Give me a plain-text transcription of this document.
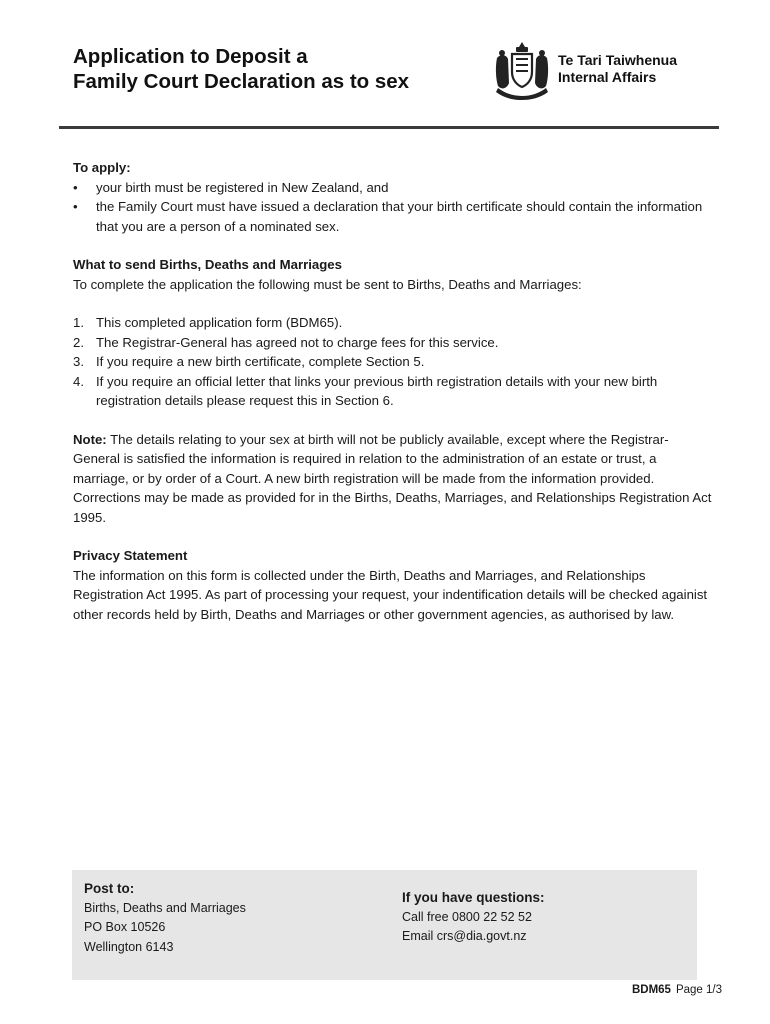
Application to Deposit a
Family Court Declaration as to sex
Te Tari Taiwhenua
Internal Affairs

To apply:

• your birth must be registered in New Zealand, and
• the Family Court must have issued a declaration that your birth certificate should contain the information that you are a person of a nominated sex.

What to send Births, Deaths and Marriages

To complete the application the following must be sent to Births, Deaths and Marriages:

1. This completed application form (BDM65).
2. The Registrar-General has agreed not to charge fees for this service.
3. If you require a new birth certificate, complete Section 5.
4. If you require an official letter that links your previous birth registration details with your new birth registration details please request this in Section 6.

Note: The details relating to your sex at birth will not be publicly available, except where the Registrar-General is satisfied the information is required in relation to the administration of an estate or trust, a marriage, or by order of a Court. A new birth registration will be made from the information provided. Corrections may be made as provided for in the Births, Deaths, Marriages, and Relationships Registration Act 1995.

Privacy Statement

The information on this form is collected under the Birth, Deaths and Marriages, and Relationships Registration Act 1995. As part of processing your request, your indentification details will be checked againist other records held by Birth, Deaths and Marriages or other government agencies, as authorised by law.

Post to:
Births, Deaths and Marriages
PO Box 10526
Wellington 6143
If you have questions:
Call free 0800 22 52 52
Email crs@dia.govt.nz
BDM65 Page 1/3
